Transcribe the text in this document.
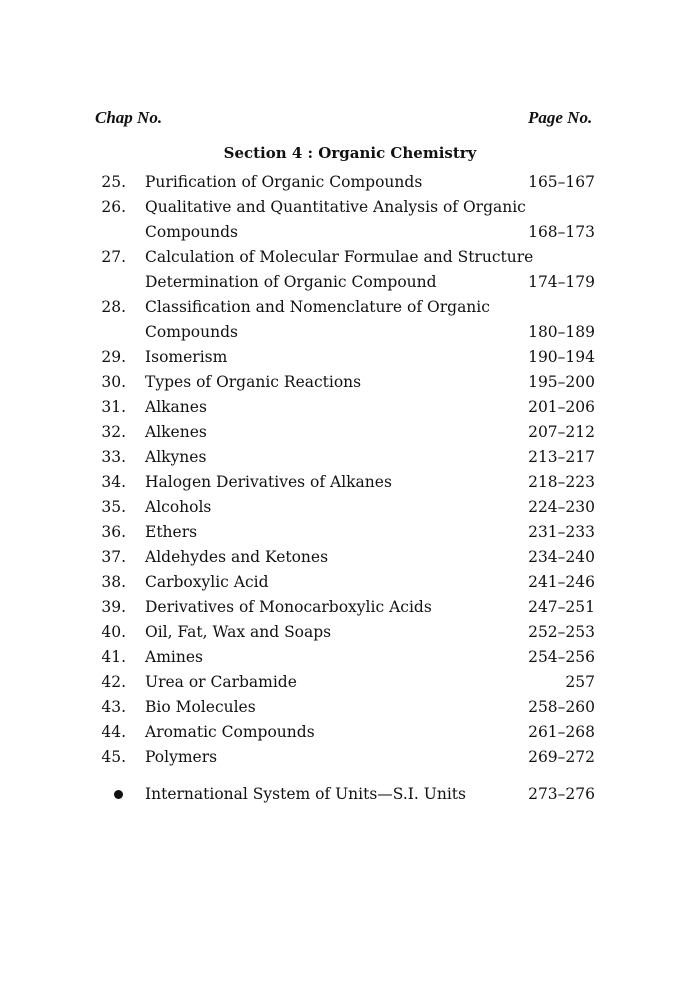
Chap No.	Page No.
Section 4 : Organic Chemistry
25. Purification of Organic Compounds	165–167
26. Qualitative and Quantitative Analysis of Organic
Compounds	168–173
27. Calculation of Molecular Formulae and Structure
Determination of Organic Compound	174–179
28. Classification and Nomenclature of Organic
Compounds	180–189
29. Isomerism	190–194
30. Types of Organic Reactions	195–200
31. Alkanes	201–206
32. Alkenes	207–212
33. Alkynes	213–217
34. Halogen Derivatives of Alkanes	218–223
35. Alcohols	224–230
36. Ethers	231–233
37. Aldehydes and Ketones	234–240
38. Carboxylic Acid	241–246
39. Derivatives of Monocarboxylic Acids	247–251
40. Oil, Fat, Wax and Soaps	252–253
41. Amines	254–256
42. Urea or Carbamide	257
43. Bio Molecules	258–260
44. Aromatic Compounds	261–268
45. Polymers	269–272
International System of Units—S.I. Units	273–276
